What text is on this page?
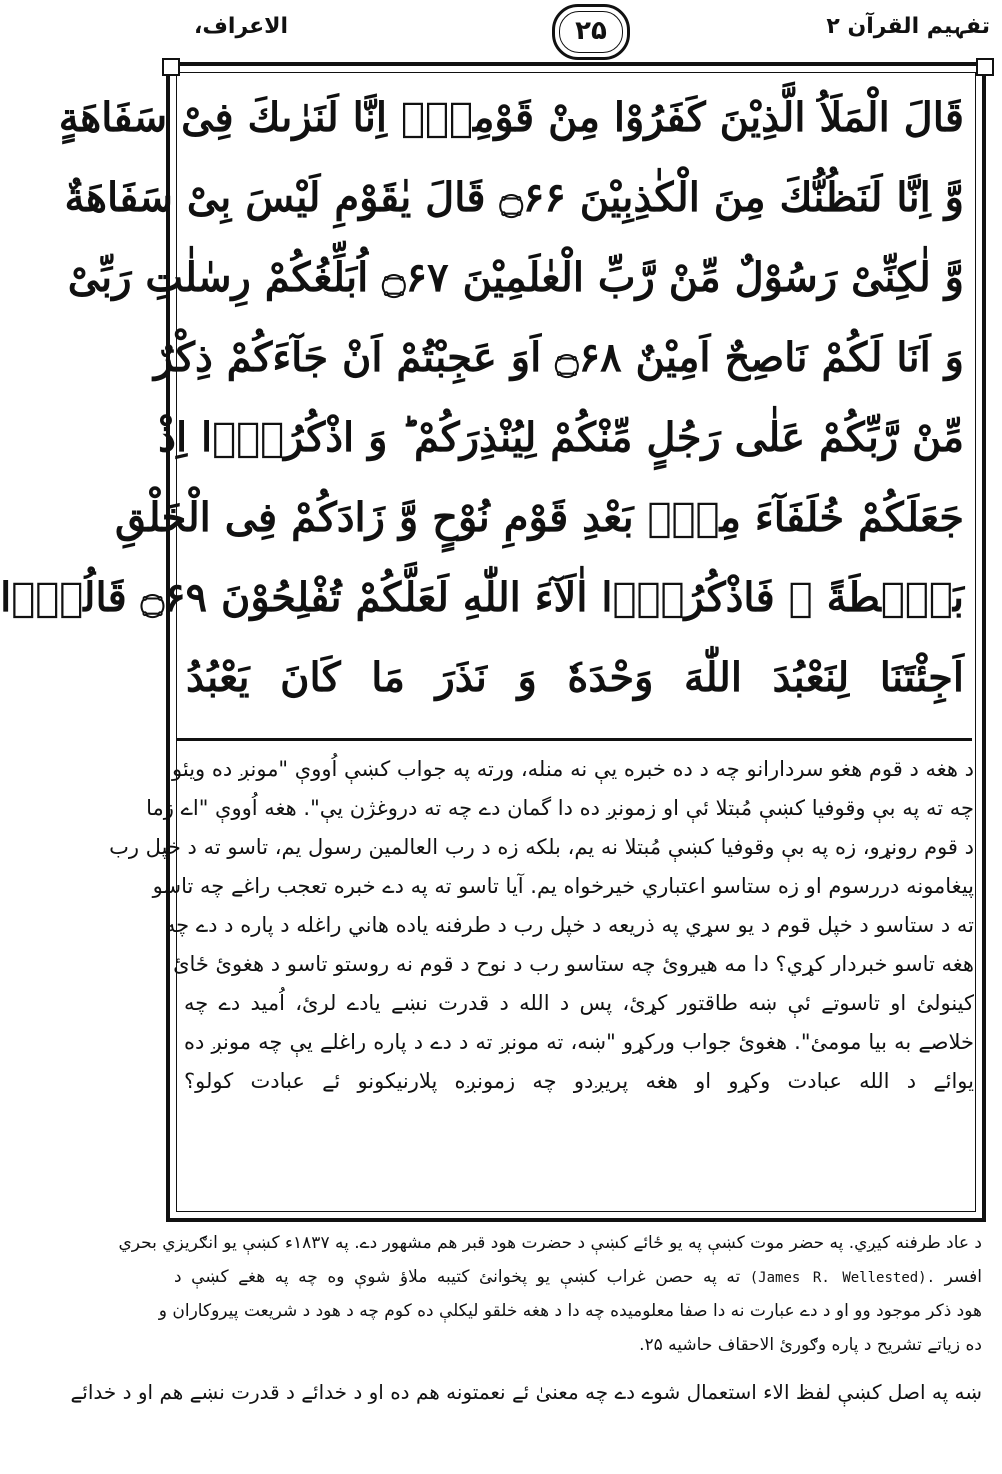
تفہیم القرآن ۲
۲۵
الاعراف،
قَالَ الْمَلَاُ الَّذِیْنَ كَفَرُوْا مِنْ قَوْمِهٖۤ اِنَّا لَنَرٰىكَ فِیْ سَفَاهَةٍ
وَّ اِنَّا لَنَظُنُّكَ مِنَ الْكٰذِبِیْنَ ۝۶۶ قَالَ یٰقَوْمِ لَیْسَ بِیْ سَفَاهَةٌ
وَّ لٰكِنِّیْ رَسُوْلٌ مِّنْ رَّبِّ الْعٰلَمِیْنَ ۝۶۷ اُبَلِّغُكُمْ رِسٰلٰتِ رَبِّیْ
وَ اَنَا لَكُمْ نَاصِحٌ اَمِیْنٌ ۝۶۸ اَوَ عَجِبْتُمْ اَنْ جَآءَكُمْ ذِكْرٌ
مِّنْ رَّبِّكُمْ عَلٰى رَجُلٍ مِّنْكُمْ لِیُنْذِرَكُمْ ؕ وَ اذْكُرُوْۤا اِذْ
جَعَلَكُمْ خُلَفَآءَ مِنْۢ بَعْدِ قَوْمِ نُوْحٍ وَّ زَادَكُمْ فِی الْخَلْقِ
بَصْۜطَةً ۚ فَاذْكُرُوْۤا اٰلَآءَ اللّٰهِ لَعَلَّكُمْ تُفْلِحُوْنَ ۝۶۹ قَالُوْۤا
اَجِئْتَنَا لِنَعْبُدَ اللّٰهَ وَحْدَهٗ وَ نَذَرَ مَا كَانَ یَعْبُدُ
د هغه د قوم هغو سردارانو چه د ده خبره يې نه منله، ورته په جواب کښې اُووې "مونږ ده ويئو
چه ته په بې وقوفيا کښې مُبتلا ئې او زمونږ ده دا گمان دے چه ته دروغژن يې". هغه اُووې "اے زما
د قوم رونړو، زه په بې وقوفيا کښې مُبتلا نه يم، بلکه زه د رب العالمين رسول يم، تاسو ته د خپل رب
پيغامونه دررسوم او زه ستاسو اعتباري خيرخواه يم. آيا تاسو ته په دے خبره تعجب راغے چه تاسو
ته د ستاسو د خپل قوم د يو سړي په ذريعه د خپل رب د طرفنه ياده هاني راغله د پاره د دے چه
هغه تاسو خبردار کړي؟ دا مه هيروئ چه ستاسو رب د نوح د قوم نه روستو تاسو د هغوئ ځائ
کينولئ او تاسوتے ئې ښه طاقتور کړئ، پس د الله د قدرت نښے يادے لرئ، اُميد دے چه
خلاصے به بيا مومئ". هغوئ جواب ورکړو "ښه، ته مونږ ته د دے د پاره راغلے يې چه مونږ ده
يوائے د الله عبادت وکړو او هغه پريږدو چه زمونږه پلارنيکونو ئے عبادت کولو؟
د عاد طرفنه کيږي. په حضر موت کښې په يو ځائے کښې د حضرت هود قبر هم مشهور دے. په ۱۸۳۷ء کښې يو انګريزي بحري
افسر (James R. Wellested). ته په حصن غراب کښې يو پخوانئ کتيبه ملاؤ شوې وه چه په هغے کښې د
هود ذکر موجود وو او د دے عبارت نه دا صفا معلوميده چه دا د هغه خلقو ليکلې ده کوم چه د هود د شريعت پيروکاران و
ده زياتے تشريح د پاره وګورئ الاحقاف حاشيه ۲۵.
ښه په اصل کښې لفظ الاء استعمال شوے دے چه معنیٰ ئے نعمتونه هم ده او د خدائے د قدرت نښے هم او د خدائے
